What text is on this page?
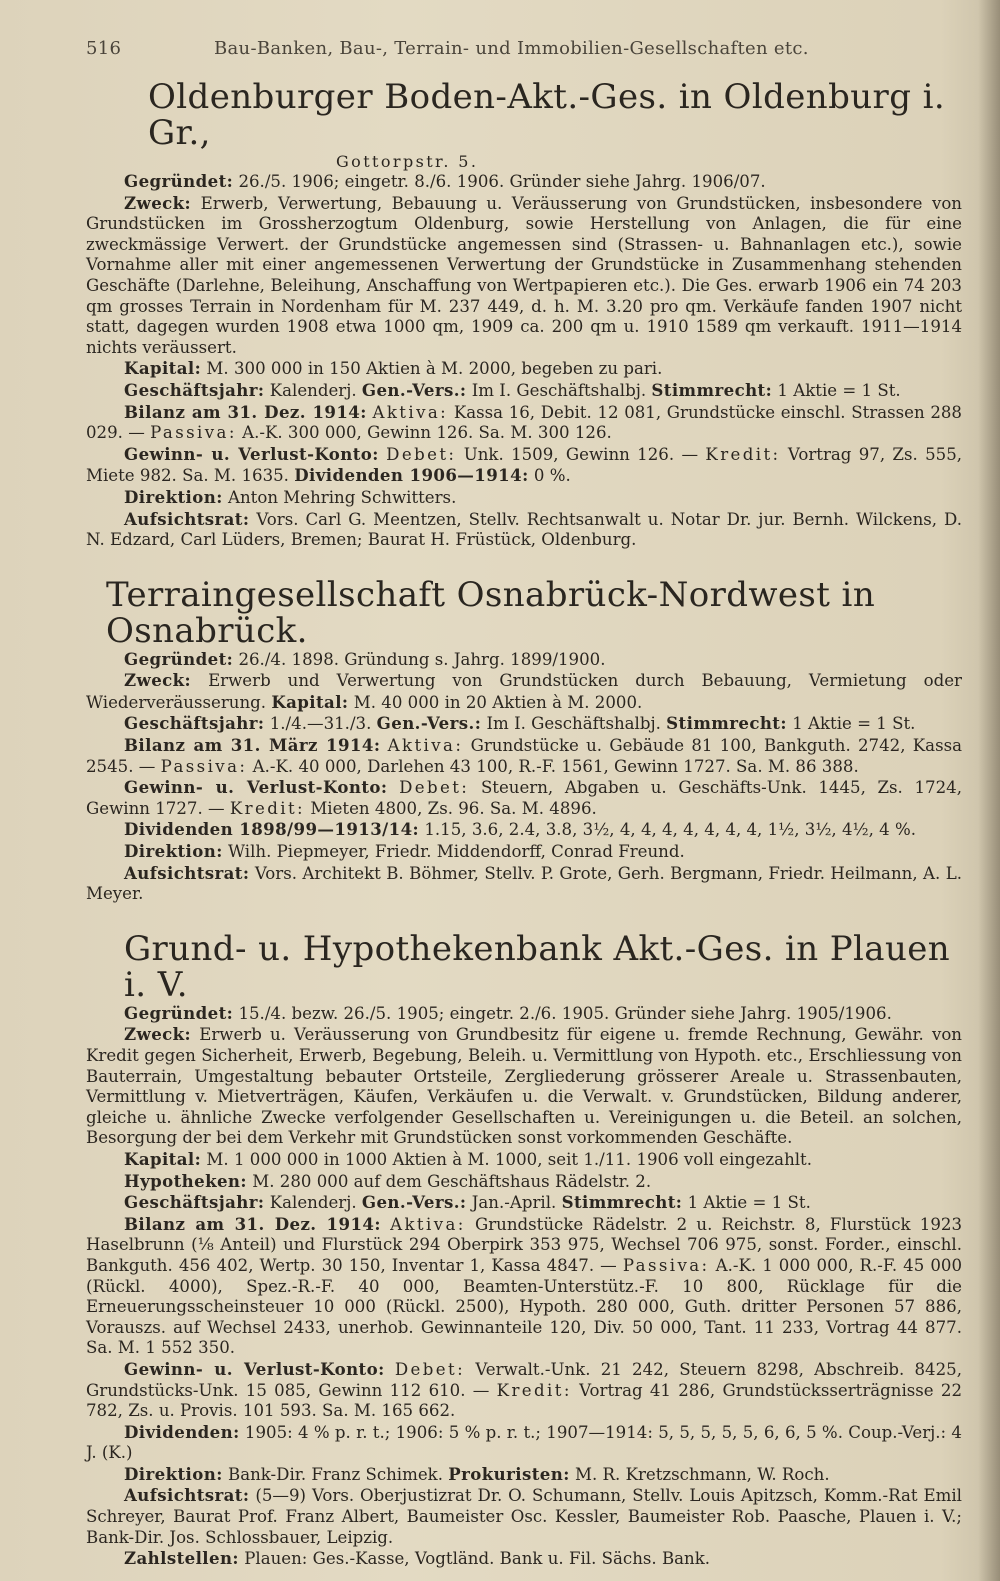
516	Bau-Banken, Bau-, Terrain- und Immobilien-Gesellschaften etc.
Oldenburger Boden-Akt.-Ges. in Oldenburg i. Gr.,
Gottorpstr. 5.

Gegründet: 26./5. 1906; eingetr. 8./6. 1906. Gründer siehe Jahrg. 1906/07.

Zweck: Erwerb, Verwertung, Bebauung u. Veräusserung von Grundstücken, insbesondere von Grundstücken im Grossherzogtum Oldenburg, sowie Herstellung von Anlagen, die für eine zweckmässige Verwert. der Grundstücke angemessen sind (Strassen- u. Bahnanlagen etc.), sowie Vornahme aller mit einer angemessenen Verwertung der Grundstücke in Zusammenhang stehenden Geschäfte (Darlehne, Beleihung, Anschaffung von Wertpapieren etc.). Die Ges. erwarb 1906 ein 74 203 qm grosses Terrain in Nordenham für M. 237 449, d. h. M. 3.20 pro qm. Verkäufe fanden 1907 nicht statt, dagegen wurden 1908 etwa 1000 qm, 1909 ca. 200 qm u. 1910 1589 qm verkauft. 1911—1914 nichts veräussert.

Kapital: M. 300 000 in 150 Aktien à M. 2000, begeben zu pari.

Geschäftsjahr: Kalenderj. Gen.-Vers.: Im I. Geschäftshalbj. Stimmrecht: 1 Aktie = 1 St.

Bilanz am 31. Dez. 1914: Aktiva: Kassa 16, Debit. 12 081, Grundstücke einschl. Strassen 288 029. — Passiva: A.-K. 300 000, Gewinn 126. Sa. M. 300 126.

Gewinn- u. Verlust-Konto: Debet: Unk. 1509, Gewinn 126. — Kredit: Vortrag 97, Zs. 555, Miete 982. Sa. M. 1635. Dividenden 1906—1914: 0 %.

Direktion: Anton Mehring Schwitters.

Aufsichtsrat: Vors. Carl G. Meentzen, Stellv. Rechtsanwalt u. Notar Dr. jur. Bernh. Wilckens, D. N. Edzard, Carl Lüders, Bremen; Baurat H. Früstück, Oldenburg.

Terraingesellschaft Osnabrück-Nordwest in Osnabrück.

Gegründet: 26./4. 1898. Gründung s. Jahrg. 1899/1900.

Zweck: Erwerb und Verwertung von Grundstücken durch Bebauung, Vermietung oder Wiederveräusserung. Kapital: M. 40 000 in 20 Aktien à M. 2000.

Geschäftsjahr: 1./4.—31./3. Gen.-Vers.: Im I. Geschäftshalbj. Stimmrecht: 1 Aktie = 1 St.

Bilanz am 31. März 1914: Aktiva: Grundstücke u. Gebäude 81 100, Bankguth. 2742, Kassa 2545. — Passiva: A.-K. 40 000, Darlehen 43 100, R.-F. 1561, Gewinn 1727. Sa. M. 86 388.

Gewinn- u. Verlust-Konto: Debet: Steuern, Abgaben u. Geschäfts-Unk. 1445, Zs. 1724, Gewinn 1727. — Kredit: Mieten 4800, Zs. 96. Sa. M. 4896.

Dividenden 1898/99—1913/14: 1.15, 3.6, 2.4, 3.8, 3½, 4, 4, 4, 4, 4, 4, 4, 1½, 3½, 4½, 4 %.

Direktion: Wilh. Piepmeyer, Friedr. Middendorff, Conrad Freund.

Aufsichtsrat: Vors. Architekt B. Böhmer, Stellv. P. Grote, Gerh. Bergmann, Friedr. Heilmann, A. L. Meyer.

Grund- u. Hypothekenbank Akt.-Ges. in Plauen i. V.

Gegründet: 15./4. bezw. 26./5. 1905; eingetr. 2./6. 1905. Gründer siehe Jahrg. 1905/1906.

Zweck: Erwerb u. Veräusserung von Grundbesitz für eigene u. fremde Rechnung, Gewähr. von Kredit gegen Sicherheit, Erwerb, Begebung, Beleih. u. Vermittlung von Hypoth. etc., Erschliessung von Bauterrain, Umgestaltung bebauter Ortsteile, Zergliederung grösserer Areale u. Strassenbauten, Vermittlung v. Mietverträgen, Käufen, Verkäufen u. die Verwalt. v. Grundstücken, Bildung anderer, gleiche u. ähnliche Zwecke verfolgender Gesellschaften u. Vereinigungen u. die Beteil. an solchen, Besorgung der bei dem Verkehr mit Grundstücken sonst vorkommenden Geschäfte.

Kapital: M. 1 000 000 in 1000 Aktien à M. 1000, seit 1./11. 1906 voll eingezahlt.

Hypotheken: M. 280 000 auf dem Geschäftshaus Rädelstr. 2.

Geschäftsjahr: Kalenderj. Gen.-Vers.: Jan.-April. Stimmrecht: 1 Aktie = 1 St.

Bilanz am 31. Dez. 1914: Aktiva: Grundstücke Rädelstr. 2 u. Reichstr. 8, Flurstück 1923 Haselbrunn (⅛ Anteil) und Flurstück 294 Oberpirk 353 975, Wechsel 706 975, sonst. Forder., einschl. Bankguth. 456 402, Wertp. 30 150, Inventar 1, Kassa 4847. — Passiva: A.-K. 1 000 000, R.-F. 45 000 (Rückl. 4000), Spez.-R.-F. 40 000, Beamten-Unterstütz.-F. 10 800, Rücklage für die Erneuerungsscheinsteuer 10 000 (Rückl. 2500), Hypoth. 280 000, Guth. dritter Personen 57 886, Vorauszs. auf Wechsel 2433, unerhob. Gewinnanteile 120, Div. 50 000, Tant. 11 233, Vortrag 44 877. Sa. M. 1 552 350.

Gewinn- u. Verlust-Konto: Debet: Verwalt.-Unk. 21 242, Steuern 8298, Abschreib. 8425, Grundstücks-Unk. 15 085, Gewinn 112 610. — Kredit: Vortrag 41 286, Grundstücksserträgnisse 22 782, Zs. u. Provis. 101 593. Sa. M. 165 662.

Dividenden: 1905: 4 % p. r. t.; 1906: 5 % p. r. t.; 1907—1914: 5, 5, 5, 5, 5, 6, 6, 5 %. Coup.-Verj.: 4 J. (K.)

Direktion: Bank-Dir. Franz Schimek. Prokuristen: M. R. Kretzschmann, W. Roch.

Aufsichtsrat: (5—9) Vors. Oberjustizrat Dr. O. Schumann, Stellv. Louis Apitzsch, Komm.-Rat Emil Schreyer, Baurat Prof. Franz Albert, Baumeister Osc. Kessler, Baumeister Rob. Paasche, Plauen i. V.; Bank-Dir. Jos. Schlossbauer, Leipzig.

Zahlstellen: Plauen: Ges.-Kasse, Vogtländ. Bank u. Fil. Sächs. Bank.
